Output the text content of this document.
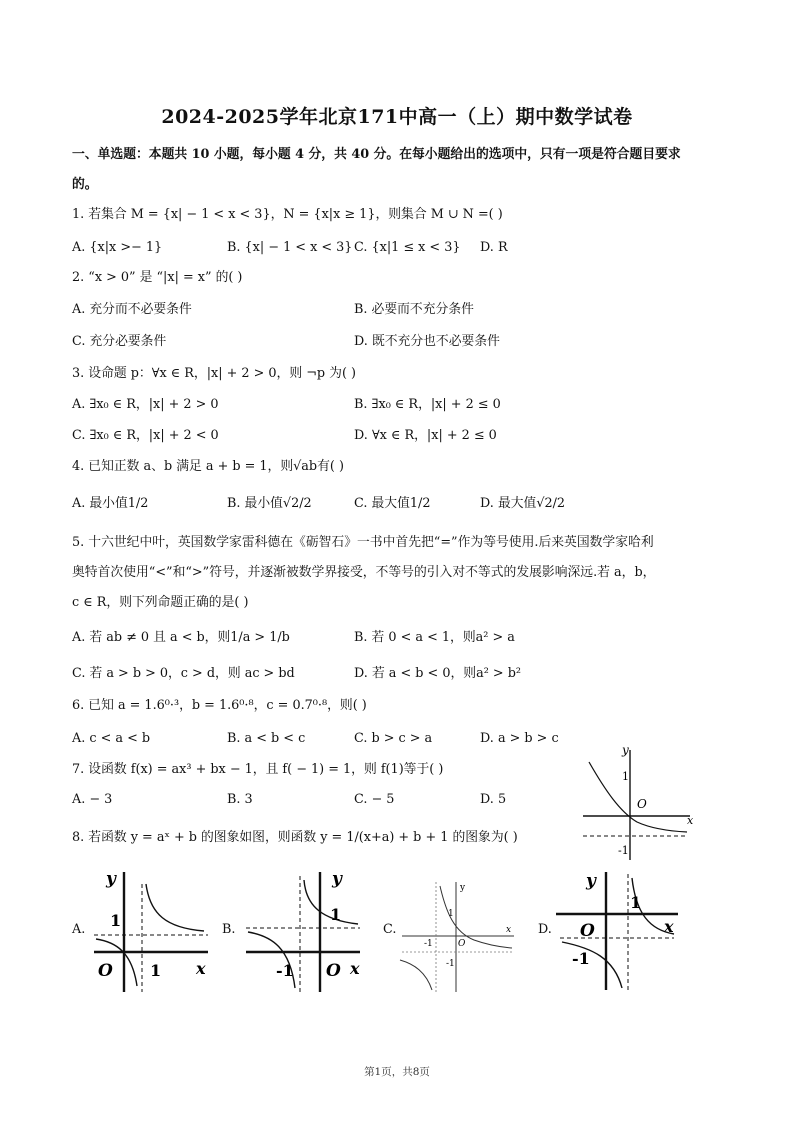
2024-2025学年北京171中高一（上）期中数学试卷
一、单选题：本题共 10 小题，每小题 4 分，共 40 分。在每小题给出的选项中，只有一项是符合题目要求
的。
1. 若集合 M = {x| − 1 < x < 3}，N = {x|x ≥ 1}，则集合 M ∪ N =( )
A. {x|x >− 1}	B. {x| − 1 < x < 3} C. {x|1 ≤ x < 3} D. R
2. “x > 0” 是 “|x| = x” 的( )
A. 充分而不必要条件	B. 必要而不充分条件
C. 充分必要条件	D. 既不充分也不必要条件
3. 设命题 p：∀x ∈ R，|x| + 2 > 0，则 ¬p 为( )
A. ∃x₀ ∈ R，|x| + 2 > 0	B. ∃x₀ ∈ R，|x| + 2 ≤ 0
C. ∃x₀ ∈ R，|x| + 2 < 0	D. ∀x ∈ R，|x| + 2 ≤ 0
4. 已知正数 a、b 满足 a + b = 1，则√ab有( )
A. 最小值1/2	B. 最小值√2/2	C. 最大值1/2	D. 最大值√2/2
5. 十六世纪中叶，英国数学家雷科德在《砺智石》一书中首先把“=”作为等号使用.后来英国数学家哈利
奥特首次使用“<”和“>”符号，并逐渐被数学界接受，不等号的引入对不等式的发展影响深远.若 a，b，
c ∈ R，则下列命题正确的是( )
A. 若 ab ≠ 0 且 a < b，则1/a > 1/b	B. 若 0 < a < 1，则a² > a
C. 若 a > b > 0，c > d，则 ac > bd	D. 若 a < b < 0，则a² > b²
6. 已知 a = 1.6⁰·³，b = 1.6⁰·⁸，c = 0.7⁰·⁸，则( )
A. c < a < b	B. a < b < c	C. b > c > a	D. a > b > c
7. 设函数 f(x) = ax³ + bx − 1，且 f( − 1) = 1，则 f(1)等于( )
A. − 3	B. 3	C. − 5	D. 5
8. 若函数 y = aˣ + b 的图象如图，则函数 y = 1/(x+a) + b + 1 的图象为( )
y
x
1
O
-1
A.
y
x
1
O 1
B.
y
x
1
O
-1
C.
y
x
1
O
-1
-1
D.
y
x
1
O
-1
第1页，共8页
